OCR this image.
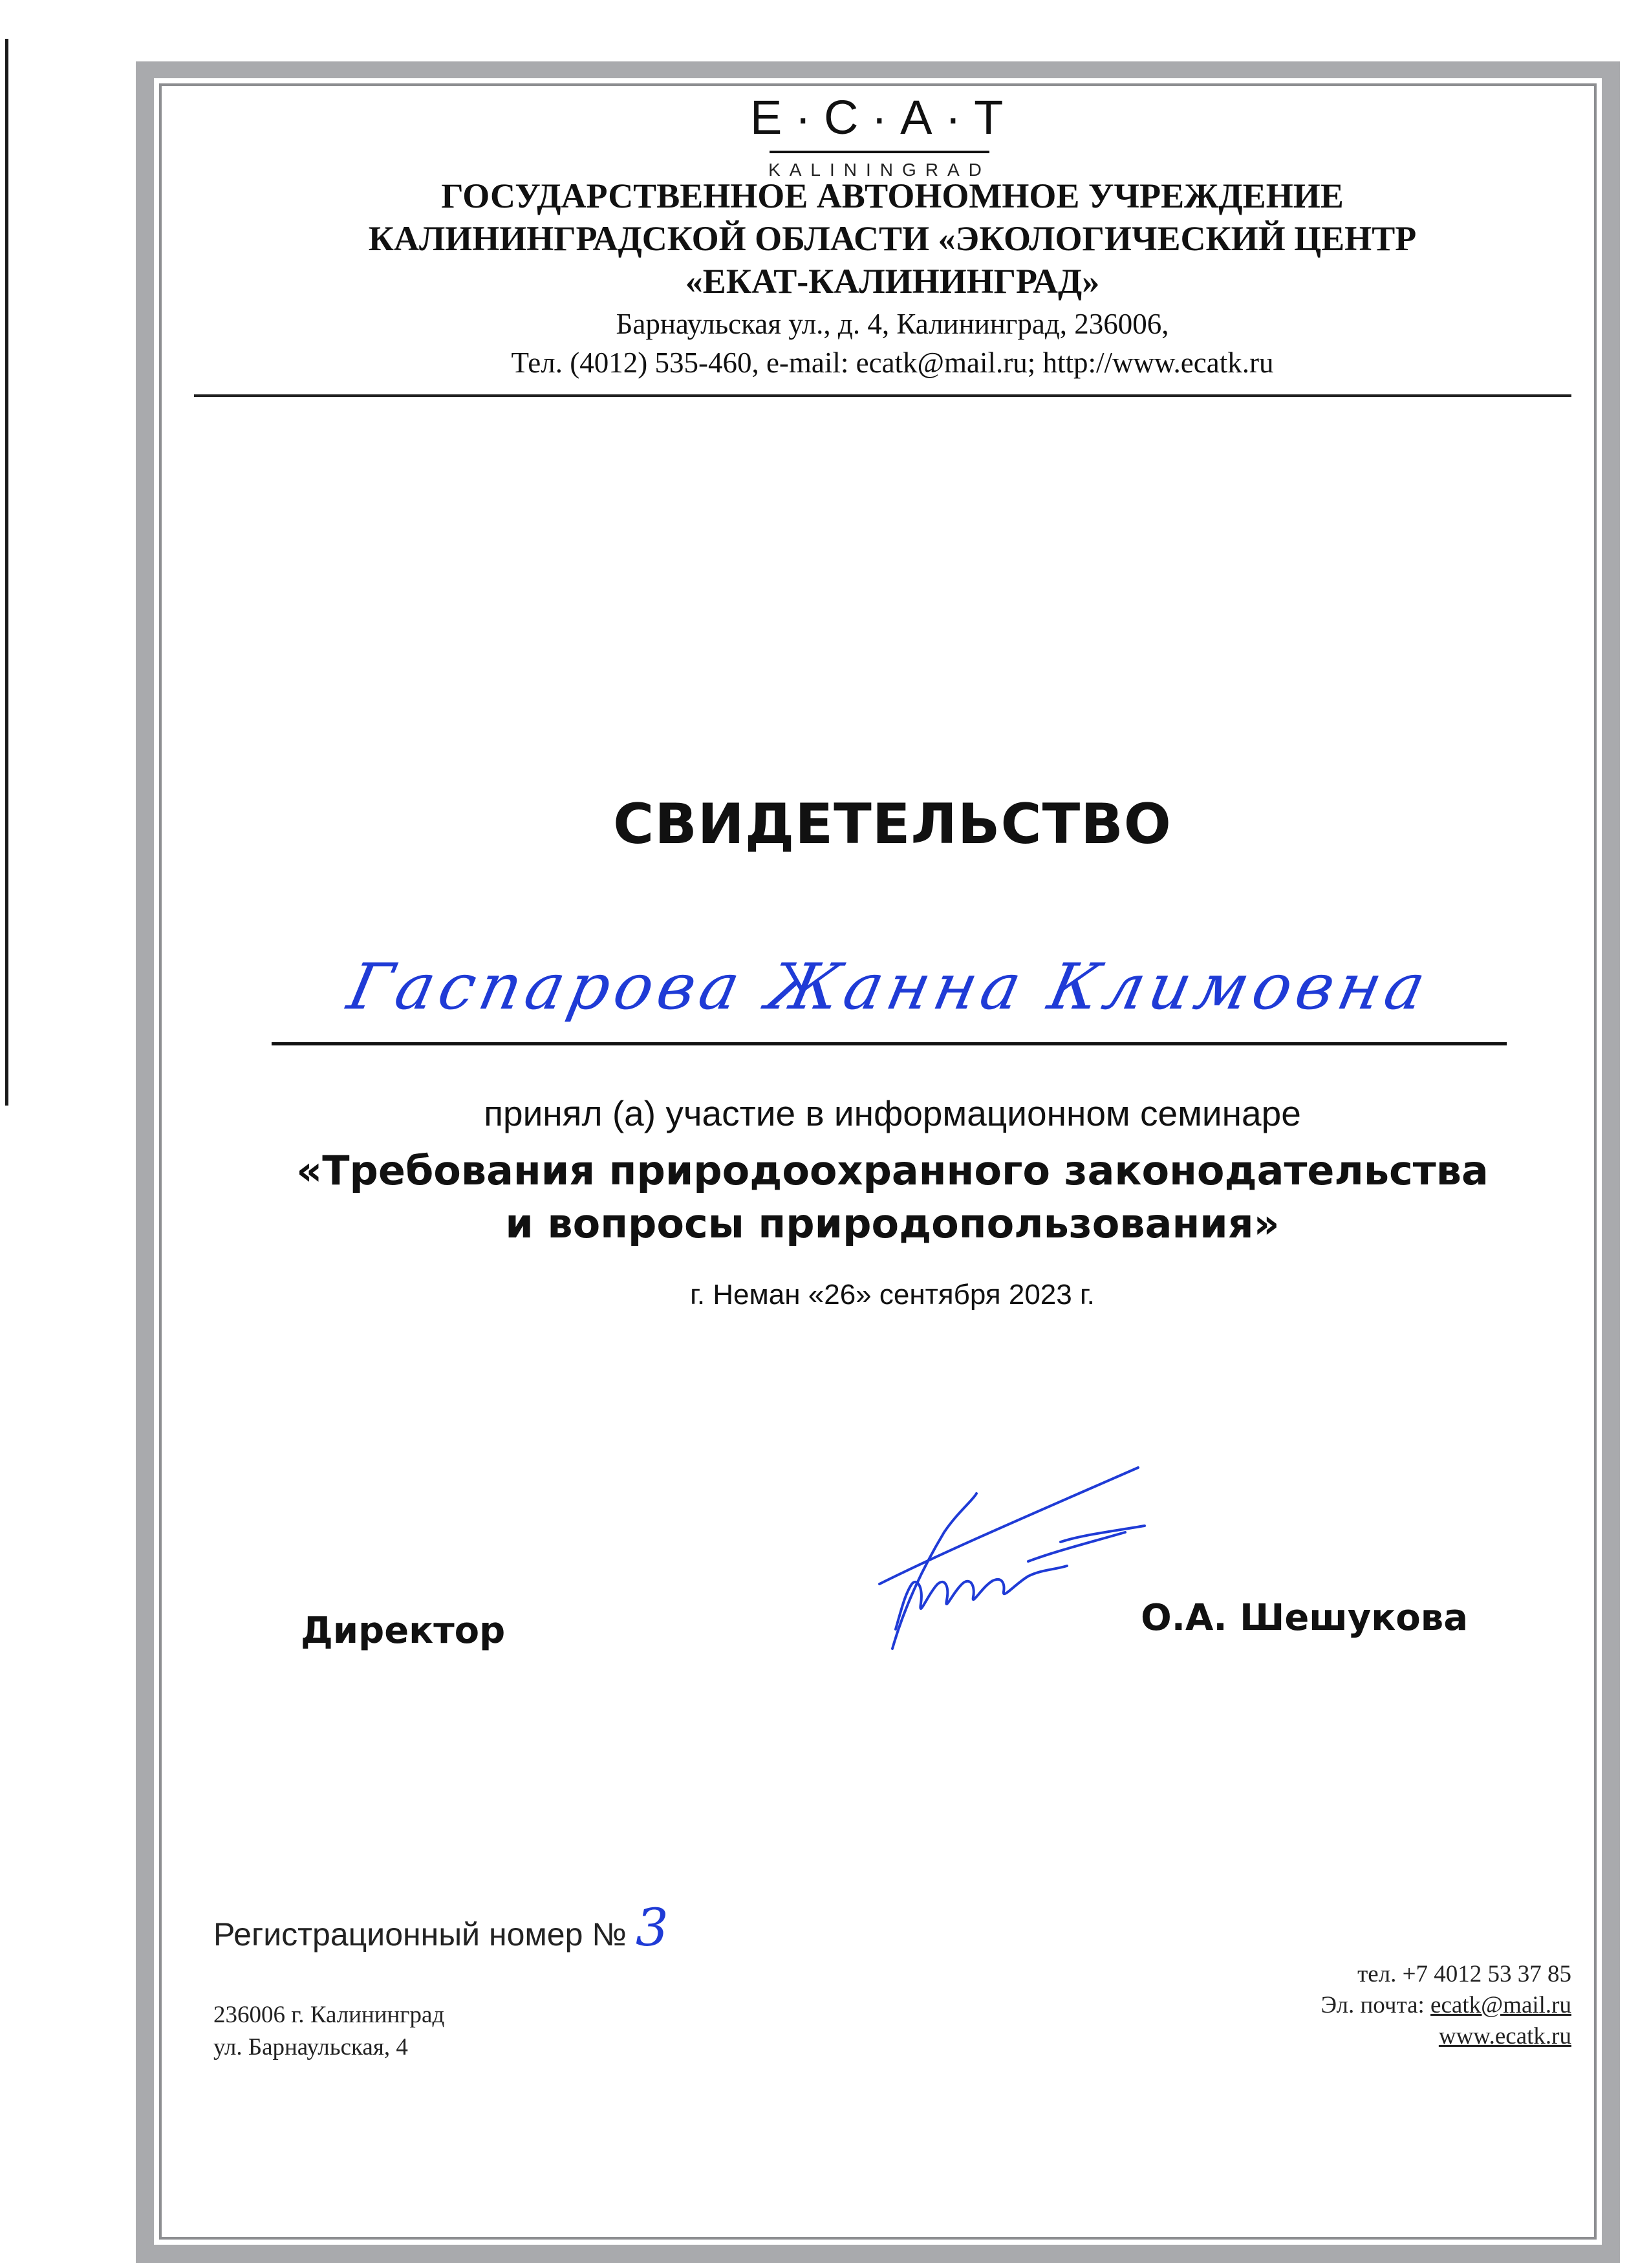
E·C·A·T
KALININGRAD
ГОСУДАРСТВЕННОЕ АВТОНОМНОЕ УЧРЕЖДЕНИЕ
КАЛИНИНГРАДСКОЙ ОБЛАСТИ «ЭКОЛОГИЧЕСКИЙ ЦЕНТР
«ЕКАТ-КАЛИНИНГРАД»
Барнаульская ул., д. 4, Калининград, 236006,
Тел. (4012) 535-460, e-mail: ecatk@mail.ru; http://www.ecatk.ru
СВИДЕТЕЛЬСТВО
Гаспарова Жанна Климовна
принял (а) участие в информационном семинаре
«Требования природоохранного законодательства
и вопросы природопользования»
г. Неман «26» сентября 2023 г.
Директор	О.А. Шешукова
Регистрационный номер № 3
236006 г. Калининград
ул. Барнаульская, 4
тел. +7 4012 53 37 85
Эл. почта: ecatk@mail.ru
www.ecatk.ru
